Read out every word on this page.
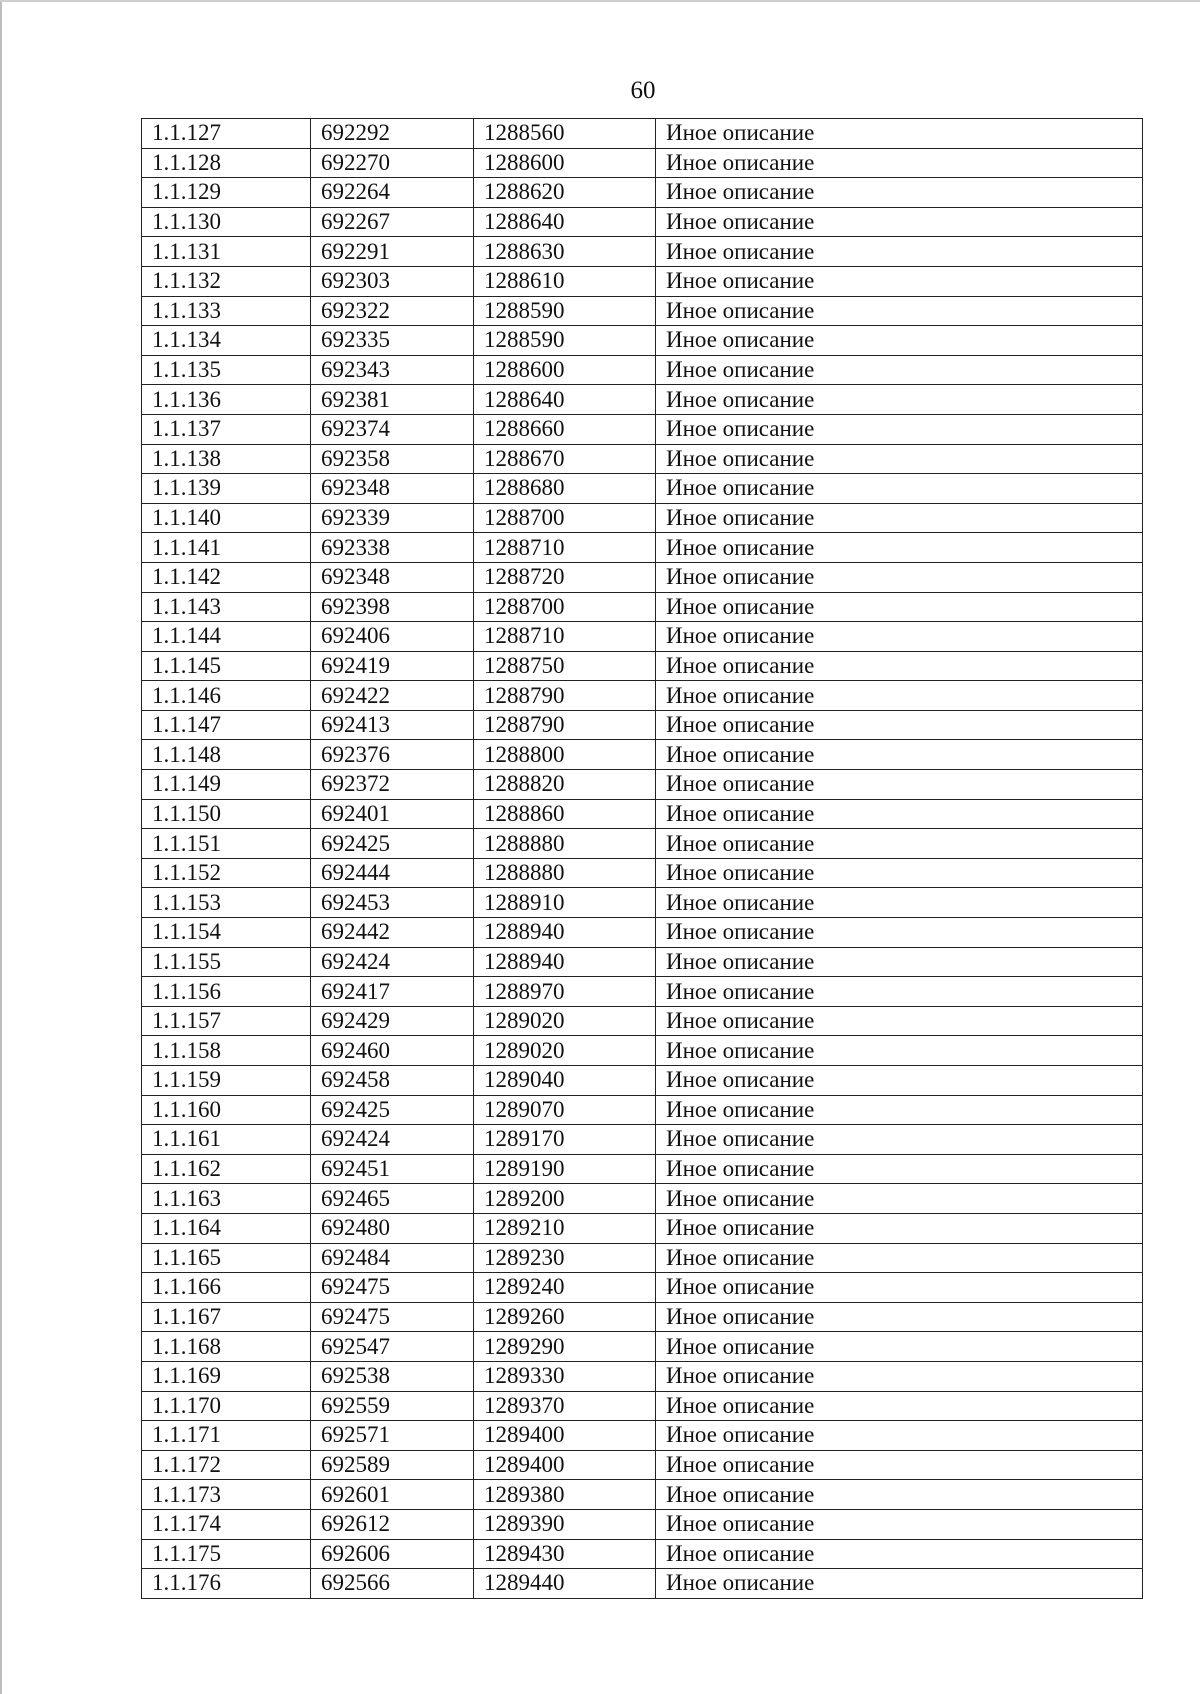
60
1.1.127	692292	1288560	Иное описание
1.1.128	692270	1288600	Иное описание
1.1.129	692264	1288620	Иное описание
1.1.130	692267	1288640	Иное описание
1.1.131	692291	1288630	Иное описание
1.1.132	692303	1288610	Иное описание
1.1.133	692322	1288590	Иное описание
1.1.134	692335	1288590	Иное описание
1.1.135	692343	1288600	Иное описание
1.1.136	692381	1288640	Иное описание
1.1.137	692374	1288660	Иное описание
1.1.138	692358	1288670	Иное описание
1.1.139	692348	1288680	Иное описание
1.1.140	692339	1288700	Иное описание
1.1.141	692338	1288710	Иное описание
1.1.142	692348	1288720	Иное описание
1.1.143	692398	1288700	Иное описание
1.1.144	692406	1288710	Иное описание
1.1.145	692419	1288750	Иное описание
1.1.146	692422	1288790	Иное описание
1.1.147	692413	1288790	Иное описание
1.1.148	692376	1288800	Иное описание
1.1.149	692372	1288820	Иное описание
1.1.150	692401	1288860	Иное описание
1.1.151	692425	1288880	Иное описание
1.1.152	692444	1288880	Иное описание
1.1.153	692453	1288910	Иное описание
1.1.154	692442	1288940	Иное описание
1.1.155	692424	1288940	Иное описание
1.1.156	692417	1288970	Иное описание
1.1.157	692429	1289020	Иное описание
1.1.158	692460	1289020	Иное описание
1.1.159	692458	1289040	Иное описание
1.1.160	692425	1289070	Иное описание
1.1.161	692424	1289170	Иное описание
1.1.162	692451	1289190	Иное описание
1.1.163	692465	1289200	Иное описание
1.1.164	692480	1289210	Иное описание
1.1.165	692484	1289230	Иное описание
1.1.166	692475	1289240	Иное описание
1.1.167	692475	1289260	Иное описание
1.1.168	692547	1289290	Иное описание
1.1.169	692538	1289330	Иное описание
1.1.170	692559	1289370	Иное описание
1.1.171	692571	1289400	Иное описание
1.1.172	692589	1289400	Иное описание
1.1.173	692601	1289380	Иное описание
1.1.174	692612	1289390	Иное описание
1.1.175	692606	1289430	Иное описание
1.1.176	692566	1289440	Иное описание
